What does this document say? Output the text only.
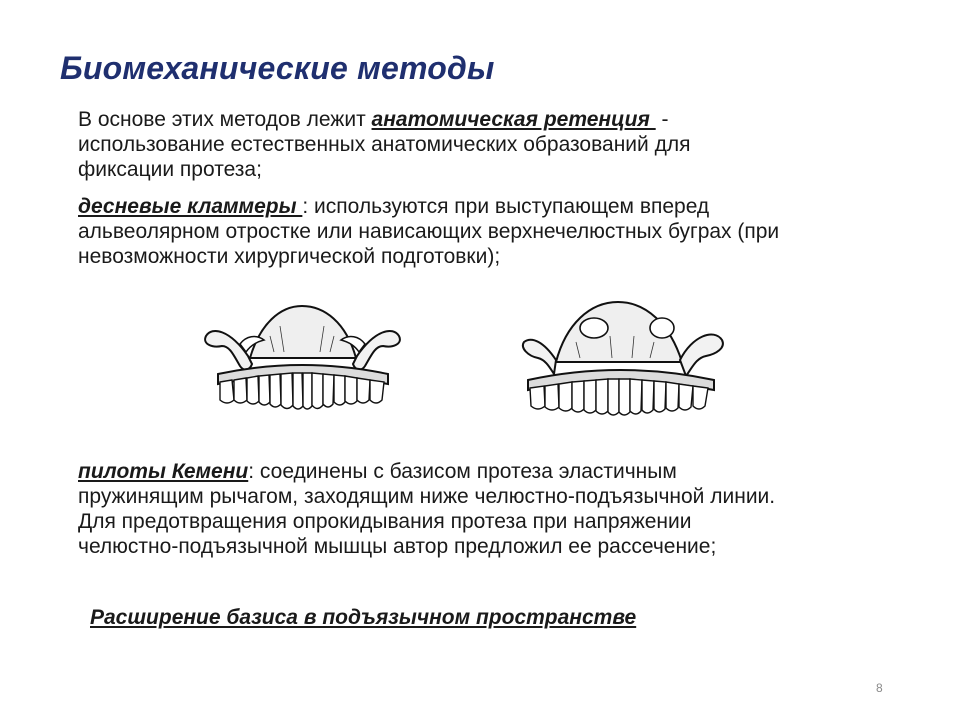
Биомеханические методы
В основе этих методов лежит анатомическая ретенция  -
использование естественных анатомических образований для
фиксации протеза;
десневые кламмеры : используются при выступающем вперед
альвеолярном отростке или нависающих верхнечелюстных буграх (при
невозможности хирургической подготовки);
пилоты Кемени: соединены с базисом протеза эластичным
пружинящим рычагом, заходящим ниже челюстно-подъязычной линии.
Для предотвращения опрокидывания протеза при напряжении
челюстно-подъязычной мышцы автор предложил ее рассечение;
Расширение базиса в подъязычном пространстве
8
